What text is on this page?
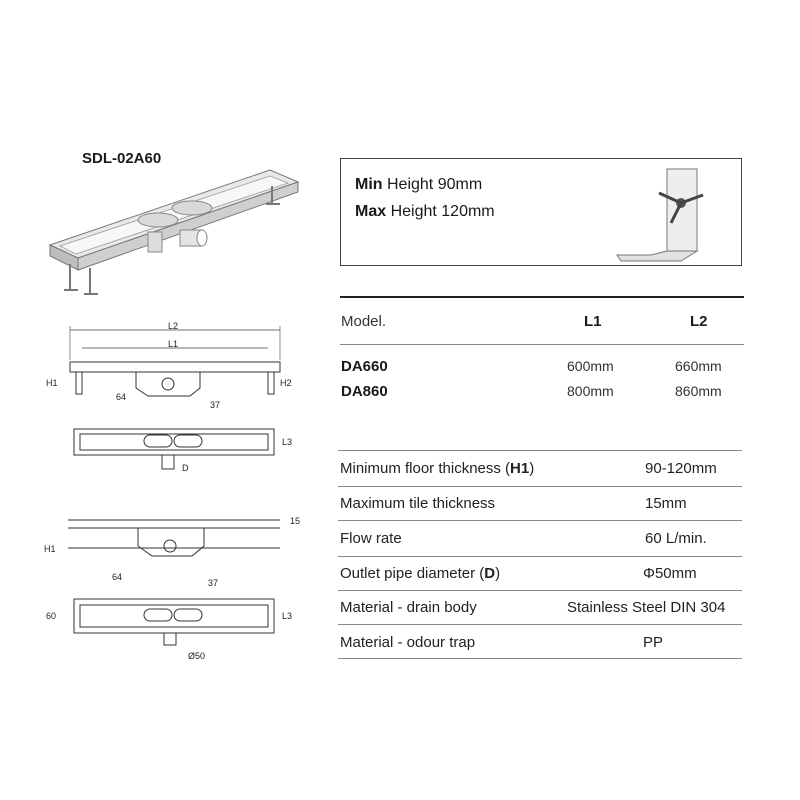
SDL-02A60
Min Height 90mm
Max Height 120mm
Model.	L1	L2
DA660	600mm	660mm
DA860	800mm	860mm
Minimum floor thickness (H1)	90-120mm
Maximum tile thickness	15mm
Flow rate	60 L/min.
Outlet pipe diameter (D)	Φ50mm
Material - drain body	Stainless Steel DIN 304
Material - odour trap	PP
L2
L1
H1	H2
64
37
D
L3
H1
15
64
37
60	L3
Ø50
